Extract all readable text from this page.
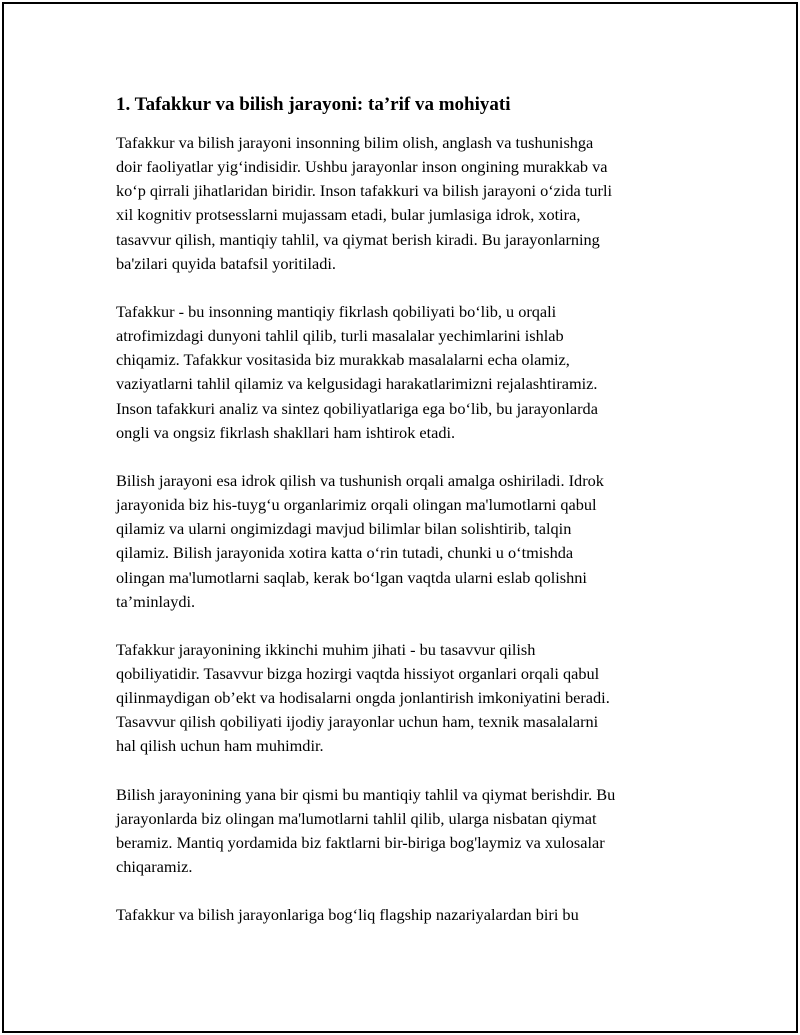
1. Tafakkur va bilish jarayoni: ta’rif va mohiyati

Tafakkur va bilish jarayoni insonning bilim olish, anglash va tushunishga
doir faoliyatlar yig‘indisidir. Ushbu jarayonlar inson ongining murakkab va
ko‘p qirrali jihatlaridan biridir. Inson tafakkuri va bilish jarayoni o‘zida turli
xil kognitiv protsesslarni mujassam etadi, bular jumlasiga idrok, xotira,
tasavvur qilish, mantiqiy tahlil, va qiymat berish kiradi. Bu jarayonlarning
ba'zilari quyida batafsil yoritiladi.

Tafakkur - bu insonning mantiqiy fikrlash qobiliyati bo‘lib, u orqali
atrofimizdagi dunyoni tahlil qilib, turli masalalar yechimlarini ishlab
chiqamiz. Tafakkur vositasida biz murakkab masalalarni echa olamiz,
vaziyatlarni tahlil qilamiz va kelgusidagi harakatlarimizni rejalashtiramiz.
Inson tafakkuri analiz va sintez qobiliyatlariga ega bo‘lib, bu jarayonlarda
ongli va ongsiz fikrlash shakllari ham ishtirok etadi.

Bilish jarayoni esa idrok qilish va tushunish orqali amalga oshiriladi. Idrok
jarayonida biz his-tuyg‘u organlarimiz orqali olingan ma'lumotlarni qabul
qilamiz va ularni ongimizdagi mavjud bilimlar bilan solishtirib, talqin
qilamiz. Bilish jarayonida xotira katta o‘rin tutadi, chunki u o‘tmishda
olingan ma'lumotlarni saqlab, kerak bo‘lgan vaqtda ularni eslab qolishni
ta’minlaydi.

Tafakkur jarayonining ikkinchi muhim jihati - bu tasavvur qilish
qobiliyatidir. Tasavvur bizga hozirgi vaqtda hissiyot organlari orqali qabul
qilinmaydigan ob’ekt va hodisalarni ongda jonlantirish imkoniyatini beradi.
Tasavvur qilish qobiliyati ijodiy jarayonlar uchun ham, texnik masalalarni
hal qilish uchun ham muhimdir.

Bilish jarayonining yana bir qismi bu mantiqiy tahlil va qiymat berishdir. Bu
jarayonlarda biz olingan ma'lumotlarni tahlil qilib, ularga nisbatan qiymat
beramiz. Mantiq yordamida biz faktlarni bir-biriga bog'laymiz va xulosalar
chiqaramiz.

Tafakkur va bilish jarayonlariga bog‘liq flagship nazariyalardan biri bu
